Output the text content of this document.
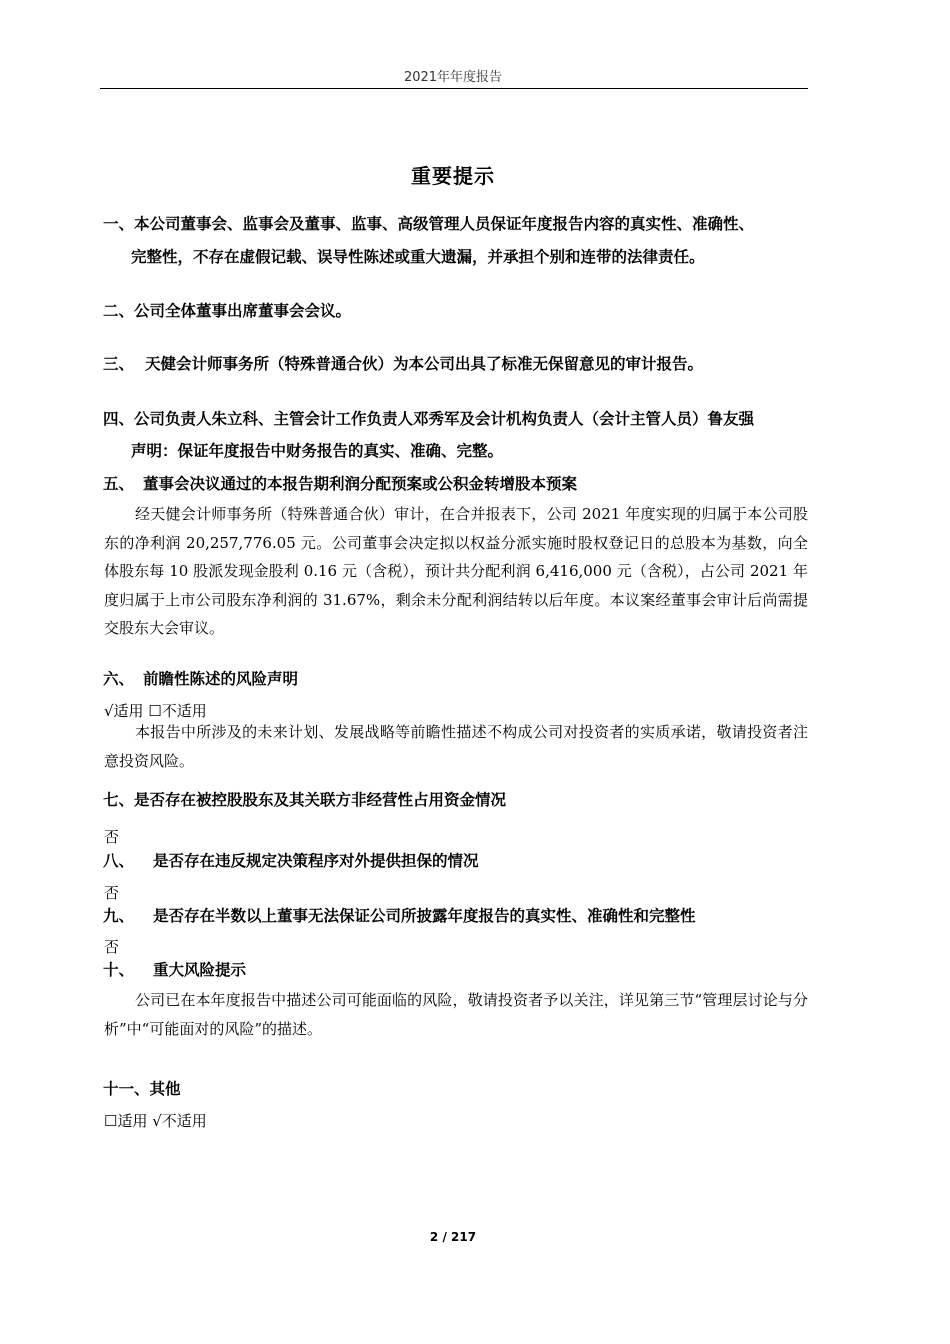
2021年年度报告
重要提示
一、本公司董事会、监事会及董事、监事、高级管理人员保证年度报告内容的真实性、准确性、
完整性，不存在虚假记载、误导性陈述或重大遗漏，并承担个别和连带的法律责任。
二、公司全体董事出席董事会会议。
三、 天健会计师事务所（特殊普通合伙）为本公司出具了标准无保留意见的审计报告。
四、公司负责人朱立科、主管会计工作负责人邓秀军及会计机构负责人（会计主管人员）鲁友强
声明：保证年度报告中财务报告的真实、准确、完整。
五、 董事会决议通过的本报告期利润分配预案或公积金转增股本预案
经天健会计师事务所（特殊普通合伙）审计，在合并报表下，公司 2021 年度实现的归属于本公司股东的净利润 20,257,776.05 元。公司董事会决定拟以权益分派实施时股权登记日的总股本为基数，向全体股东每 10 股派发现金股利 0.16 元（含税），预计共分配利润 6,416,000 元（含税），占公司 2021 年度归属于上市公司股东净利润的 31.67%，剩余未分配利润结转以后年度。本议案经董事会审计后尚需提交股东大会审议。
六、 前瞻性陈述的风险声明
√适用 ☐不适用
本报告中所涉及的未来计划、发展战略等前瞻性描述不构成公司对投资者的实质承诺，敬请投资者注意投资风险。
七、是否存在被控股股东及其关联方非经营性占用资金情况
否
八、 是否存在违反规定决策程序对外提供担保的情况
否
九、 是否存在半数以上董事无法保证公司所披露年度报告的真实性、准确性和完整性
否
十、 重大风险提示
公司已在本年度报告中描述公司可能面临的风险，敬请投资者予以关注，详见第三节“管理层讨论与分析”中“可能面对的风险”的描述。
十一、其他
☐适用 √不适用
2 / 217
